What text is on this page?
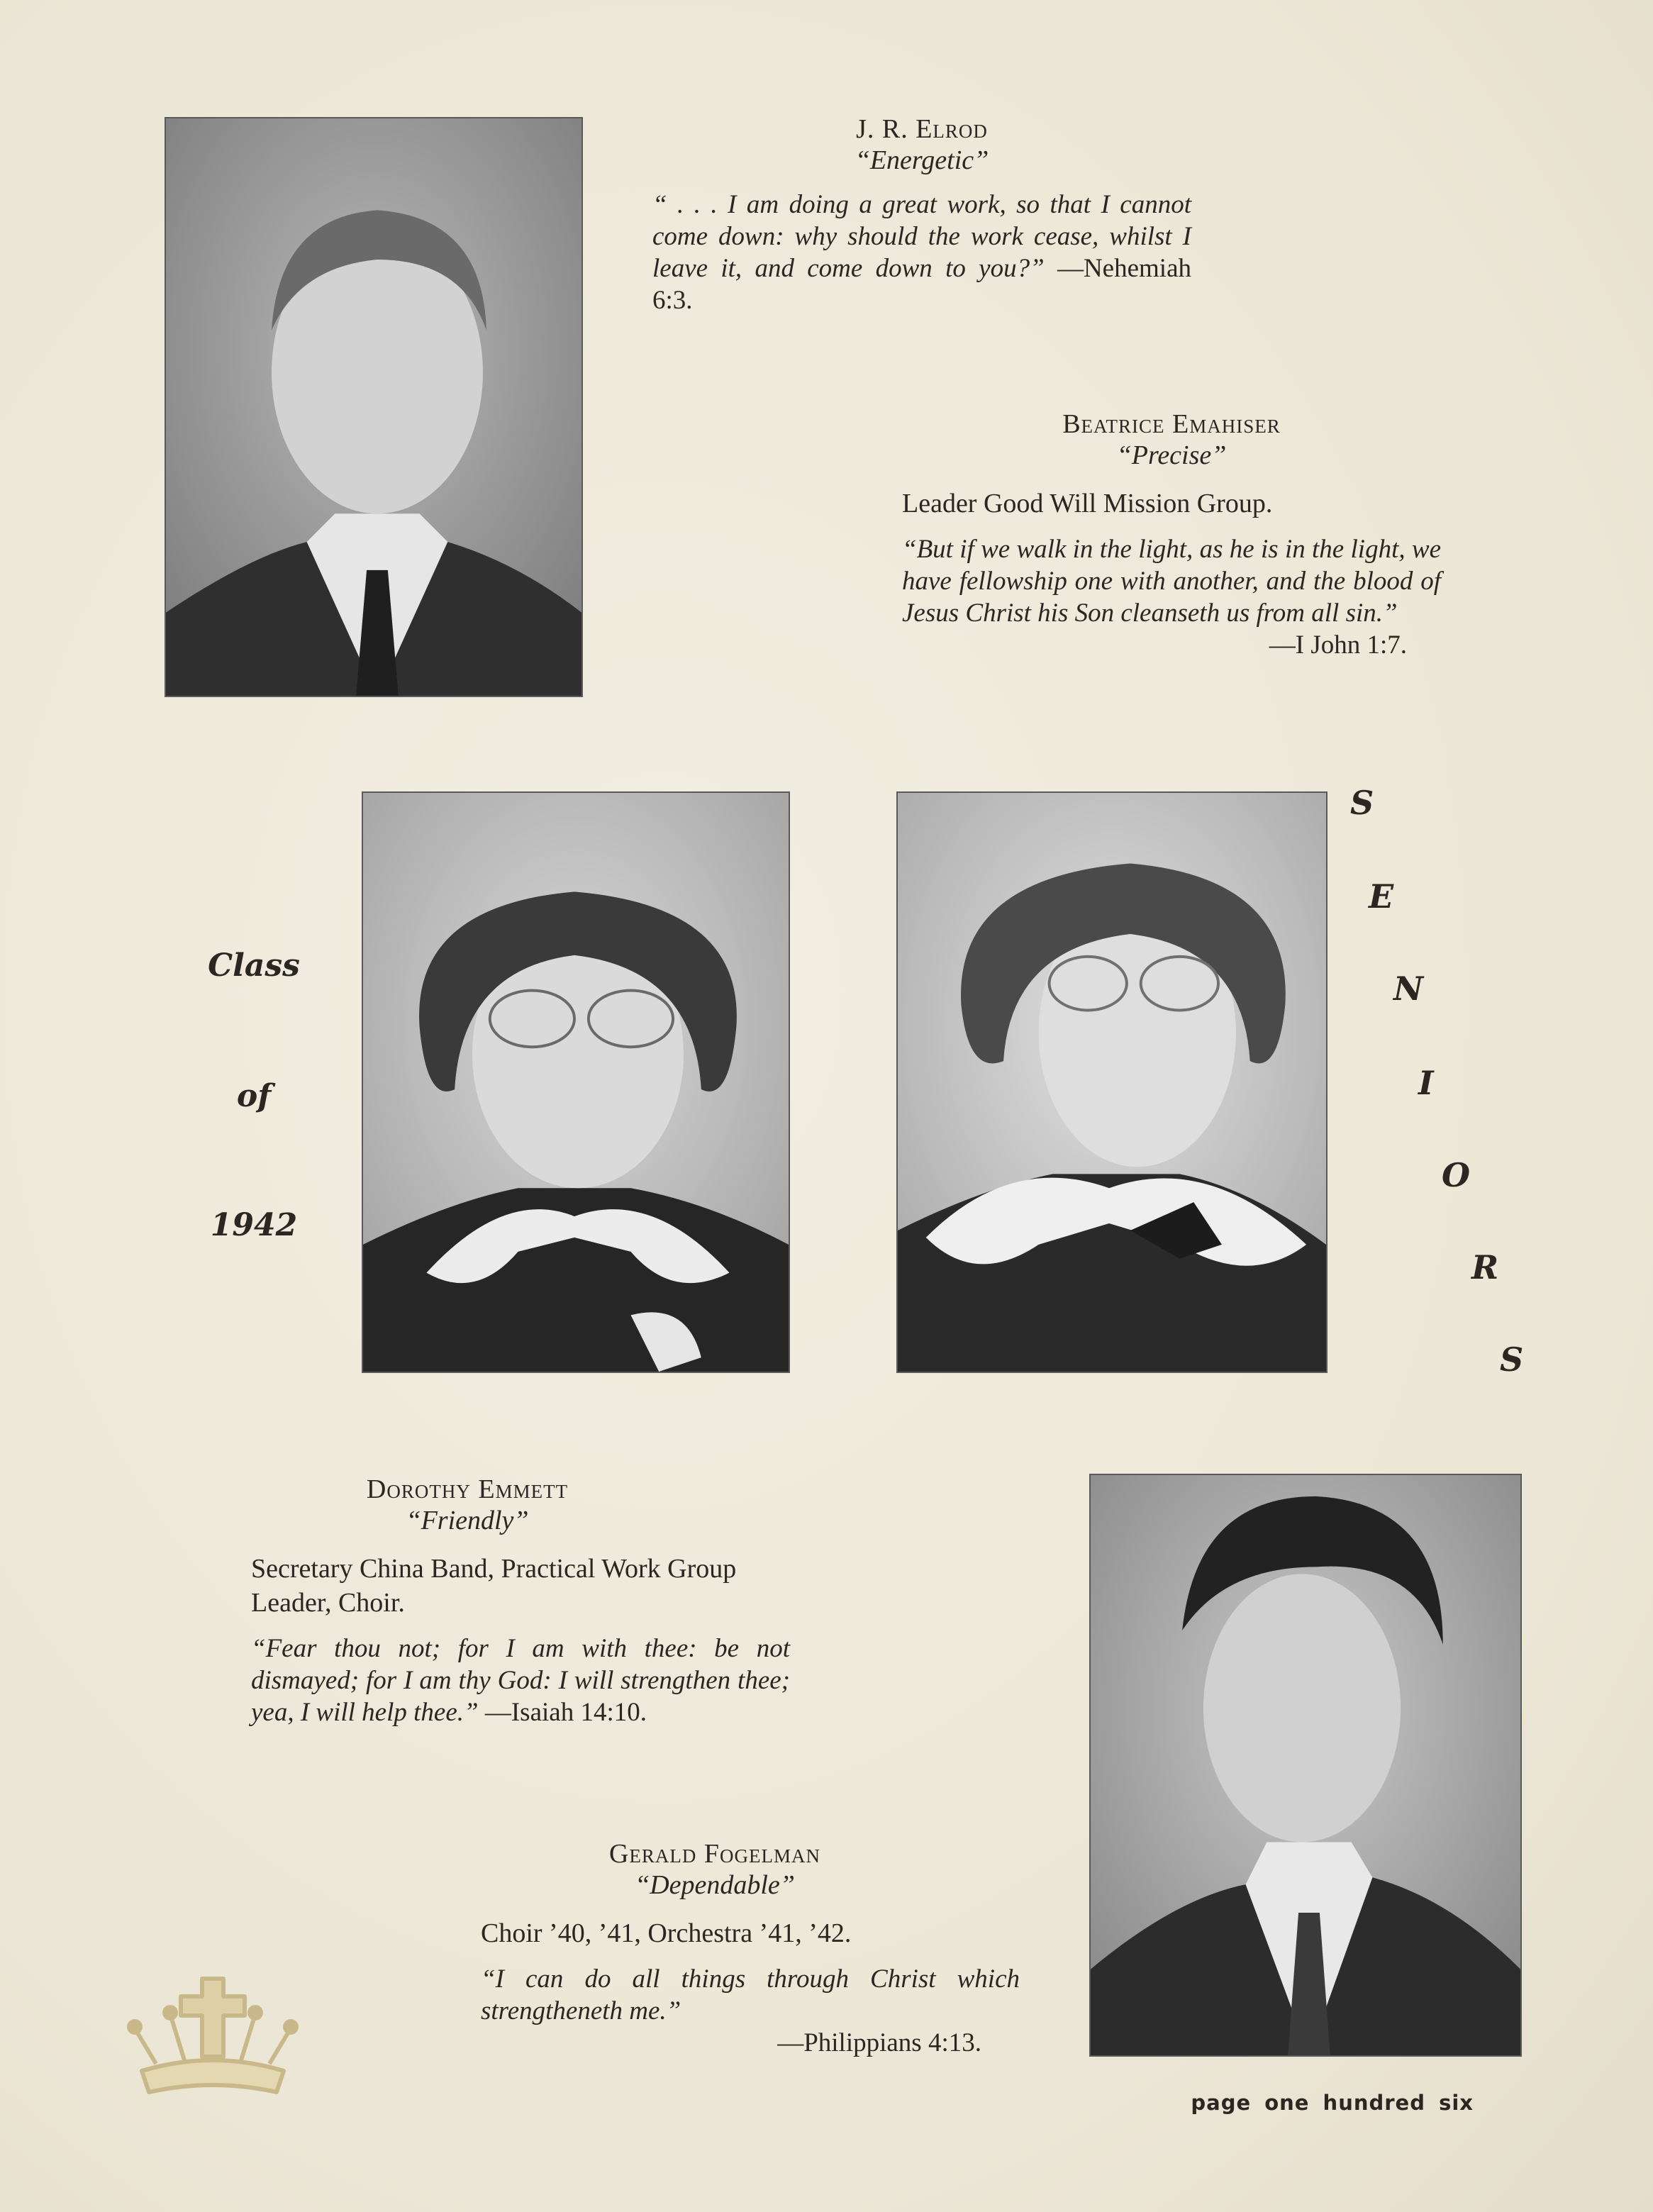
J. R. Elrod
“Energetic”
“ . . . I am doing a great work, so that I cannot come down: why should the work cease, whilst I leave it, and come down to you?” —Nehemiah 6:3.
Beatrice Emahiser
“Precise”
Leader Good Will Mission Group.
“But if we walk in the light, as he is in the light, we have fellowship one with another, and the blood of Jesus Christ his Son cleanseth us from all sin.”
—I John 1:7.
Class
of
1942
S
E
N
I
O
R
S
Dorothy Emmett
“Friendly”
Secretary China Band, Practical Work Group Leader, Choir.
“Fear thou not; for I am with thee: be not dismayed; for I am thy God: I will strengthen thee; yea, I will help thee.” —Isaiah 14:10.
Gerald Fogelman
“Dependable”
Choir ’40, ’41, Orchestra ’41, ’42.
“I can do all things through Christ which strengtheneth me.”
—Philippians 4:13.
page one hundred six
